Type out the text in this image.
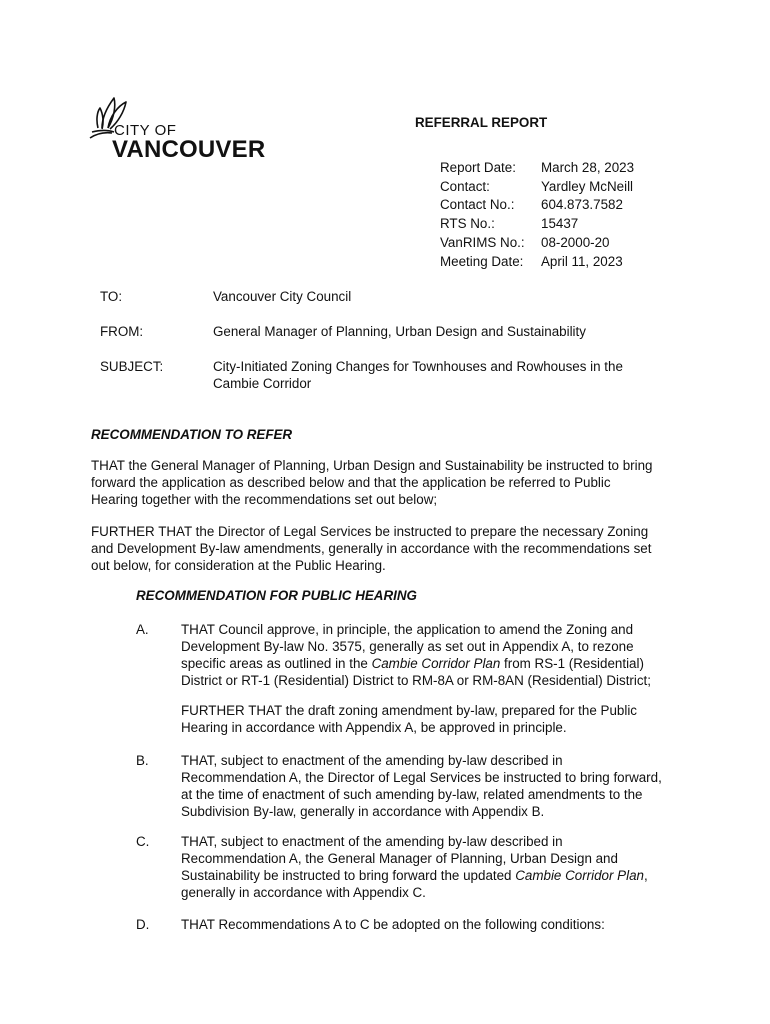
CITY OF
VANCOUVER
REFERRAL REPORT
Report Date:	March 28, 2023
Contact:	Yardley McNeill
Contact No.:	604.873.7582
RTS No.:	15437
VanRIMS No.:	08-2000-20
Meeting Date:	April 11, 2023
TO:	Vancouver City Council
FROM:	General Manager of Planning, Urban Design and Sustainability
SUBJECT:	City-Initiated Zoning Changes for Townhouses and Rowhouses in the
Cambie Corridor
RECOMMENDATION TO REFER
THAT the General Manager of Planning, Urban Design and Sustainability be instructed to bring
forward the application as described below and that the application be referred to Public
Hearing together with the recommendations set out below;
FURTHER THAT the Director of Legal Services be instructed to prepare the necessary Zoning
and Development By-law amendments, generally in accordance with the recommendations set
out below, for consideration at the Public Hearing.
RECOMMENDATION FOR PUBLIC HEARING
A. THAT Council approve, in principle, the application to amend the Zoning and
Development By-law No. 3575, generally as set out in Appendix A, to rezone
specific areas as outlined in the Cambie Corridor Plan from RS-1 (Residential)
District or RT-1 (Residential) District to RM-8A or RM-8AN (Residential) District;
FURTHER THAT the draft zoning amendment by-law, prepared for the Public
Hearing in accordance with Appendix A, be approved in principle.
B. THAT, subject to enactment of the amending by-law described in
Recommendation A, the Director of Legal Services be instructed to bring forward,
at the time of enactment of such amending by-law, related amendments to the
Subdivision By-law, generally in accordance with Appendix B.
C. THAT, subject to enactment of the amending by-law described in
Recommendation A, the General Manager of Planning, Urban Design and
Sustainability be instructed to bring forward the updated Cambie Corridor Plan,
generally in accordance with Appendix C.
D. THAT Recommendations A to C be adopted on the following conditions:
